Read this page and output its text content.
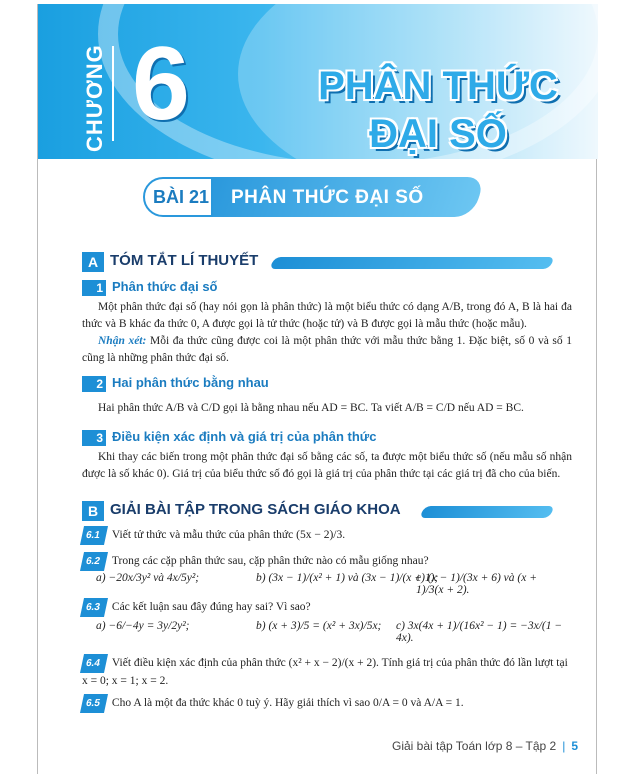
CHƯƠNG 6	PHÂN THỨC
ĐẠI SỐ
BÀI 21 PHÂN THỨC ĐẠI SỐ
A TÓM TẮT LÍ THUYẾT
1 Phân thức đại số
Một phân thức đại số (hay nói gọn là phân thức) là một biểu thức có dạng A/B, trong đó A, B là hai đa thức và B khác đa thức 0, A được gọi là tử thức (hoặc tử) và B được gọi là mẫu thức (hoặc mẫu).
Nhận xét: Mỗi đa thức cũng được coi là một phân thức với mẫu thức bằng 1. Đặc biệt, số 0 và số 1 cũng là những phân thức đại số.
2 Hai phân thức bằng nhau
Hai phân thức A/B và C/D gọi là bằng nhau nếu AD = BC. Ta viết A/B = C/D nếu AD = BC.
3 Điều kiện xác định và giá trị của phân thức
Khi thay các biến trong một phân thức đại số bằng các số, ta được một biểu thức số (nếu mẫu số nhận được là số khác 0). Giá trị của biểu thức số đó gọi là giá trị của phân thức tại các giá trị đã cho của biến.
B GIẢI BÀI TẬP TRONG SÁCH GIÁO KHOA
6.1 Viết tử thức và mẫu thức của phân thức (5x − 2)/3.
6.2 Trong các cặp phân thức sau, cặp phân thức nào có mẫu giống nhau?
a) −20x/3y² và 4x/5y²;	b) (3x − 1)/(x² + 1) và (3x − 1)/(x + 1);
c) (x − 1)/(3x + 6) và (x + 1)/3(x + 2).
6.3 Các kết luận sau đây đúng hay sai? Vì sao?
a) −6/−4y = 3y/2y²;	b) (x + 3)/5 = (x² + 3x)/5x; c) 3x(4x + 1)/(16x² − 1) = −3x/(1 − 4x).
6.4 Viết điều kiện xác định của phân thức (x² + x − 2)/(x + 2). Tính giá trị của phân thức đó lần lượt tại x = 0; x = 1; x = 2.
6.5 Cho A là một đa thức khác 0 tuỳ ý. Hãy giải thích vì sao 0/A = 0 và A/A = 1.
Giải bài tập Toán lớp 8 – Tập 2 | 5
